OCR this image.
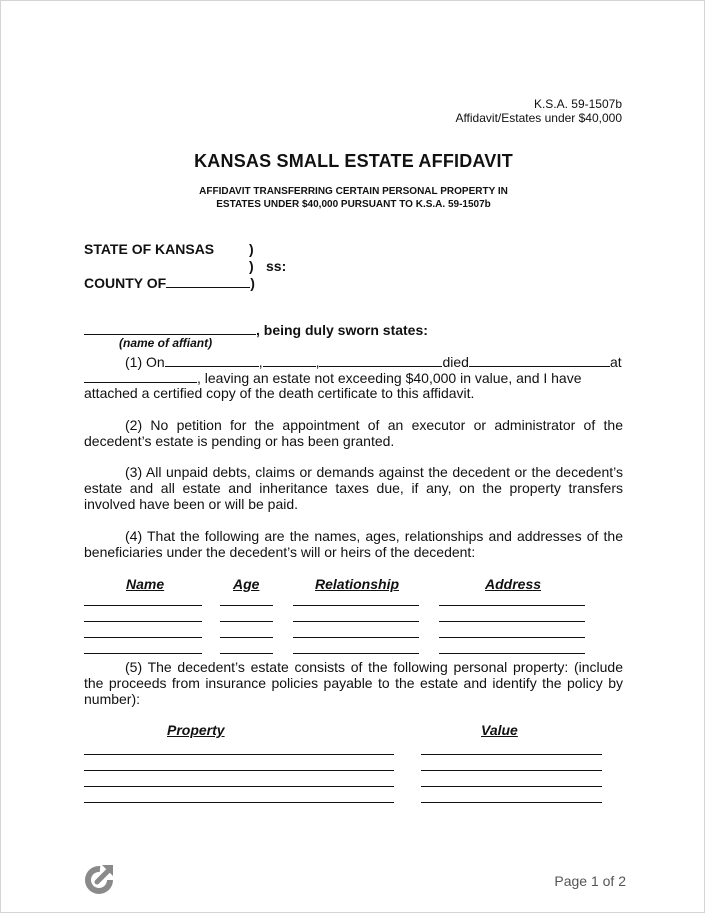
K.S.A. 59-1507b
Affidavit/Estates under $40,000
KANSAS SMALL ESTATE AFFIDAVIT
AFFIDAVIT TRANSFERRING CERTAIN PERSONAL PROPERTY IN
ESTATES UNDER $40,000 PURSUANT TO K.S.A. 59-1507b
STATE OF KANSAS )
) ss:
COUNTY OF	)
, being duly sworn states:
(name of affiant)
(1) On	,	,	died	at
, leaving an estate not exceeding $40,000 in value, and I have
attached a certified copy of the death certificate to this affidavit.
(2) No petition for the appointment of an executor or administrator of the decedent’s estate is pending or has been granted.
(3) All unpaid debts, claims or demands against the decedent or the decedent’s estate and all estate and inheritance taxes due, if any, on the property transfers involved have been or will be paid.
(4) That the following are the names, ages, relationships and addresses of the beneficiaries under the decedent’s will or heirs of the decedent:
Name	Age	Relationship	Address
(5) The decedent’s estate consists of the following personal property: (include the proceeds from insurance policies payable to the estate and identify the policy by number):
Property	Value
Page 1 of 2
